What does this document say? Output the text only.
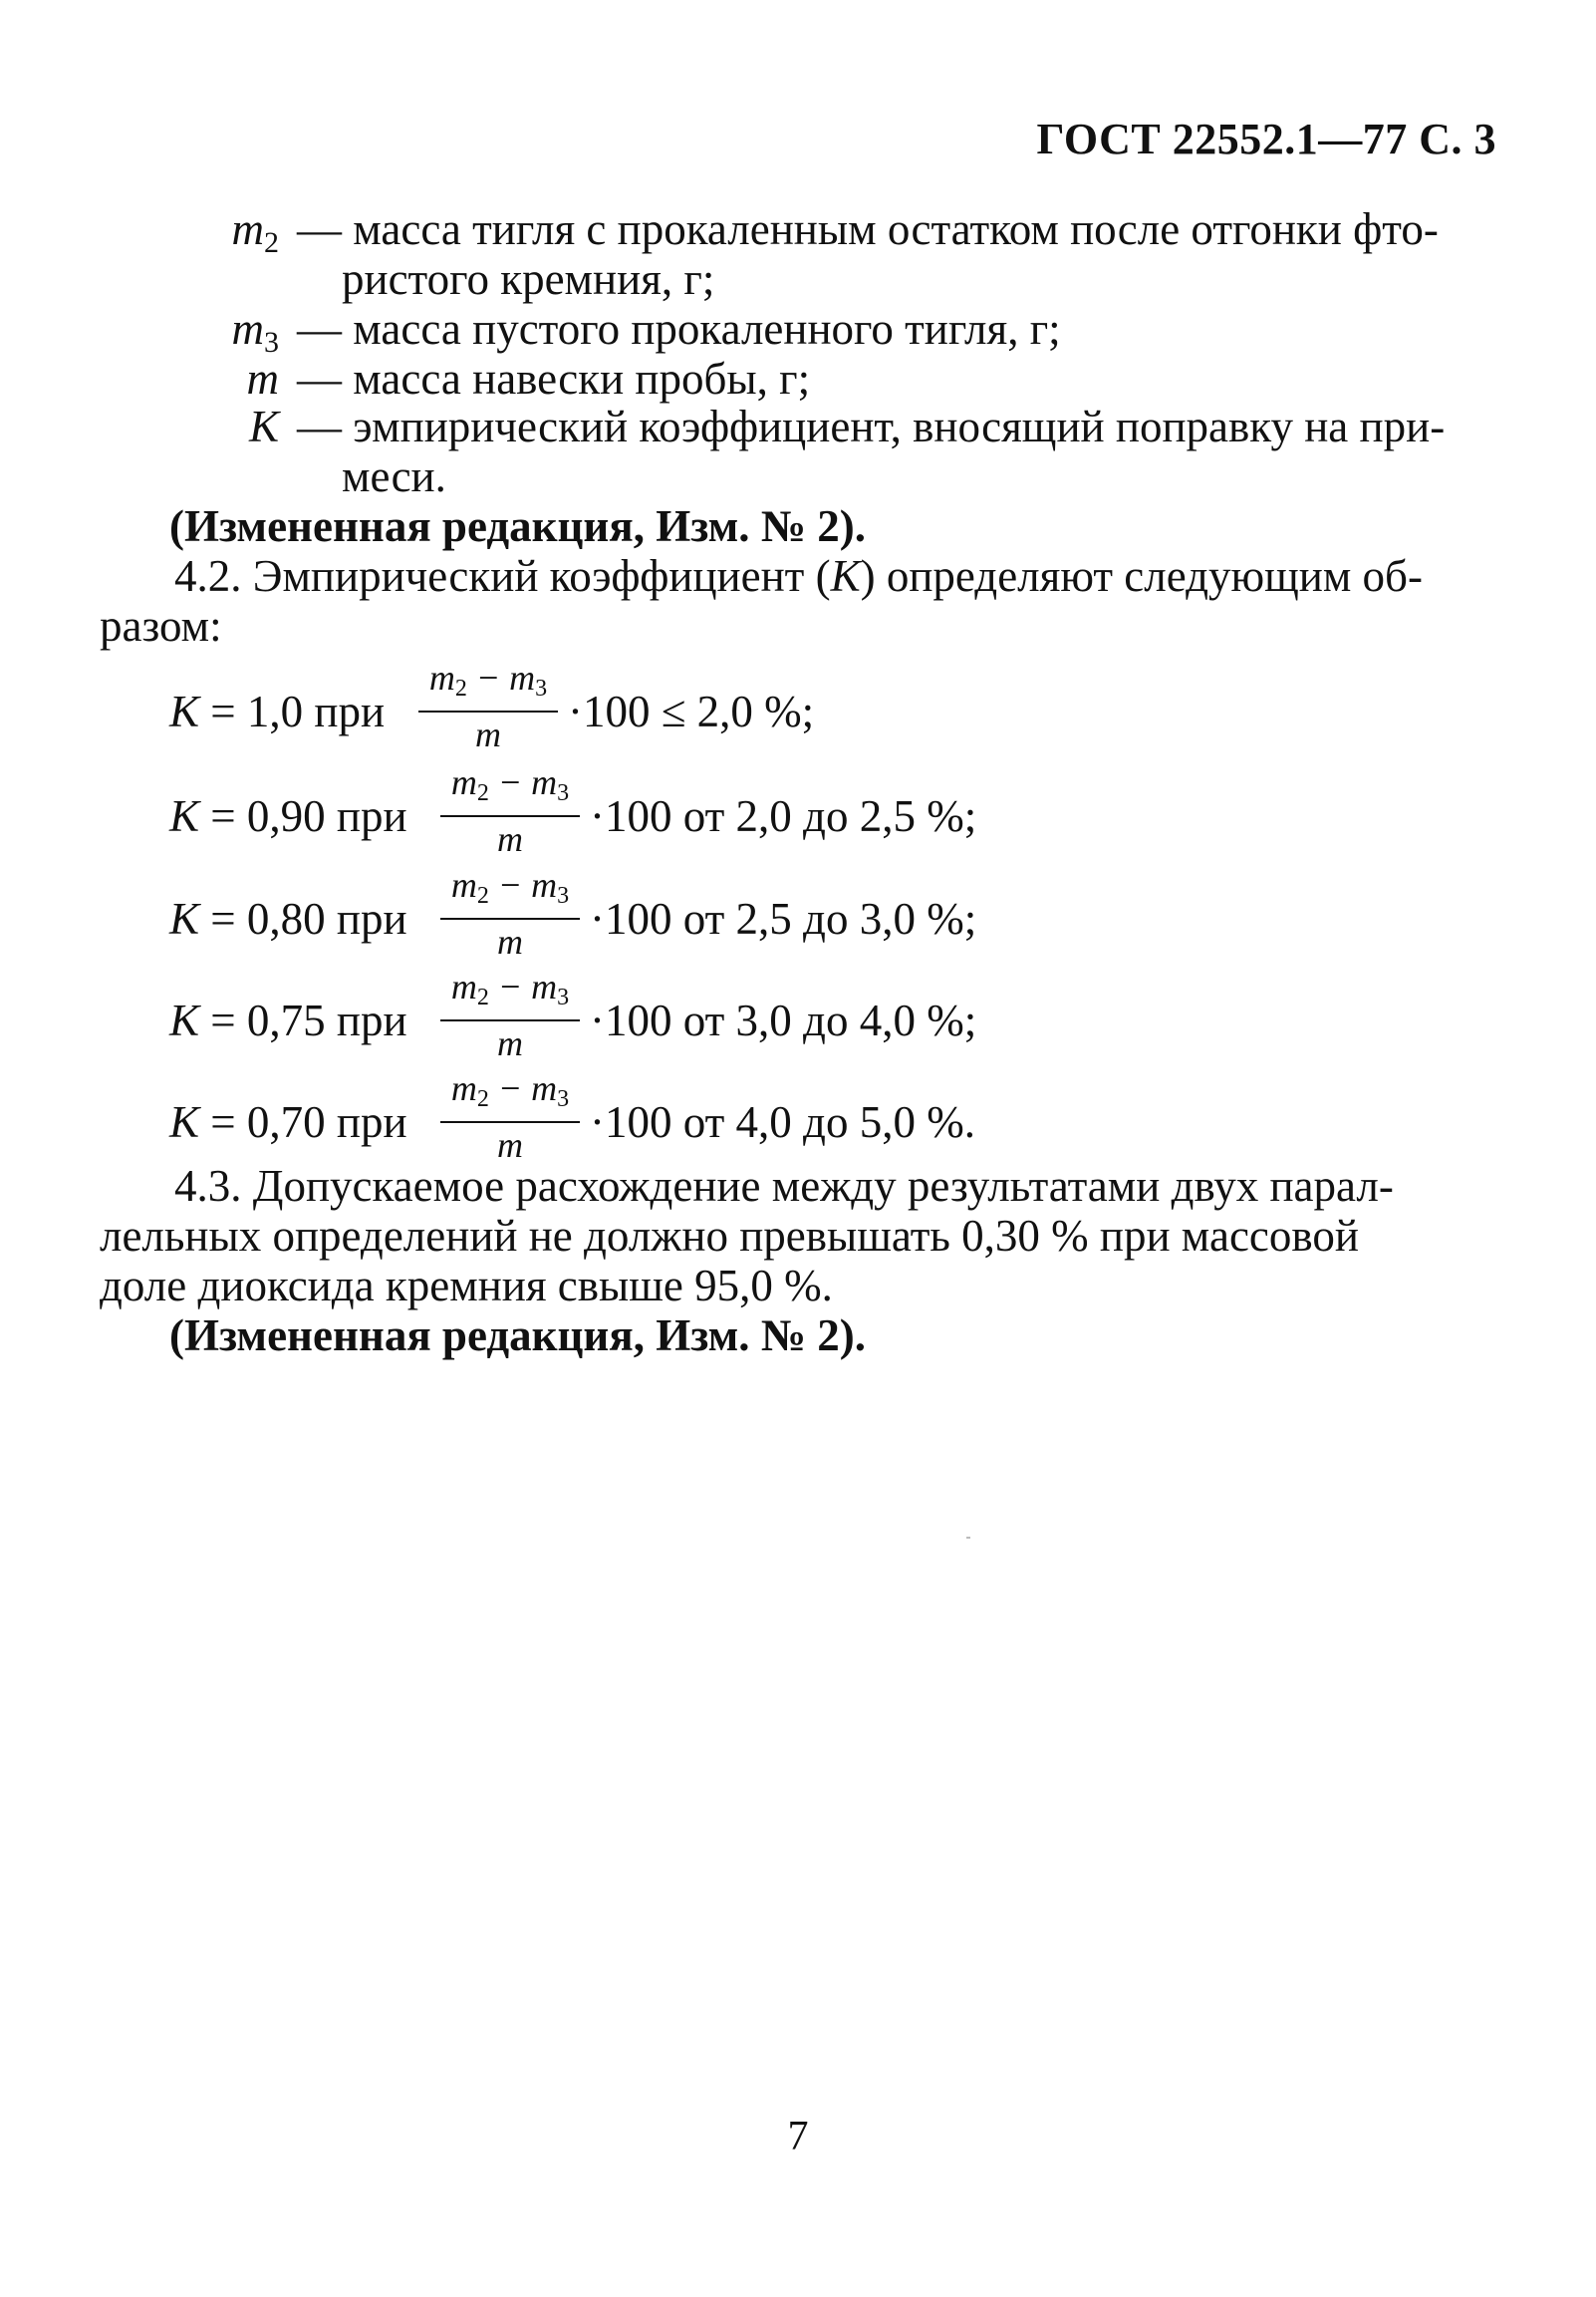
ГОСТ 22552.1—77 С. 3
$m_2$ — масса тигля с прокаленным остатком после отгонки фто-
ристого кремния, г;
$m_3$ — масса пустого прокаленного тигля, г;
m — масса навески пробы, г;
K — эмпирический коэффициент, вносящий поправку на при-
меси.
(Измененная редакция, Изм. № 2).
4.2. Эмпирический коэффициент (K) определяют следующим об-
разом:
K = 1,0 при
$m_2 - m_3$
m	·100 ≤ 2,0 %;
K = 0,90 при
$m_2 - m_3$
m	·100 от 2,0 до 2,5 %;
K = 0,80 при
$m_2 - m_3$
m	·100 от 2,5 до 3,0 %;
K = 0,75 при
$m_2 - m_3$
m	·100 от 3,0 до 4,0 %;
K = 0,70 при
$m_2 - m_3$
m	·100 от 4,0 до 5,0 %.
4.3. Допускаемое расхождение между результатами двух парал-
лельных определений не должно превышать 0,30 % при массовой
доле диоксида кремния свыше 95,0 %.
(Измененная редакция, Изм. № 2).
7
